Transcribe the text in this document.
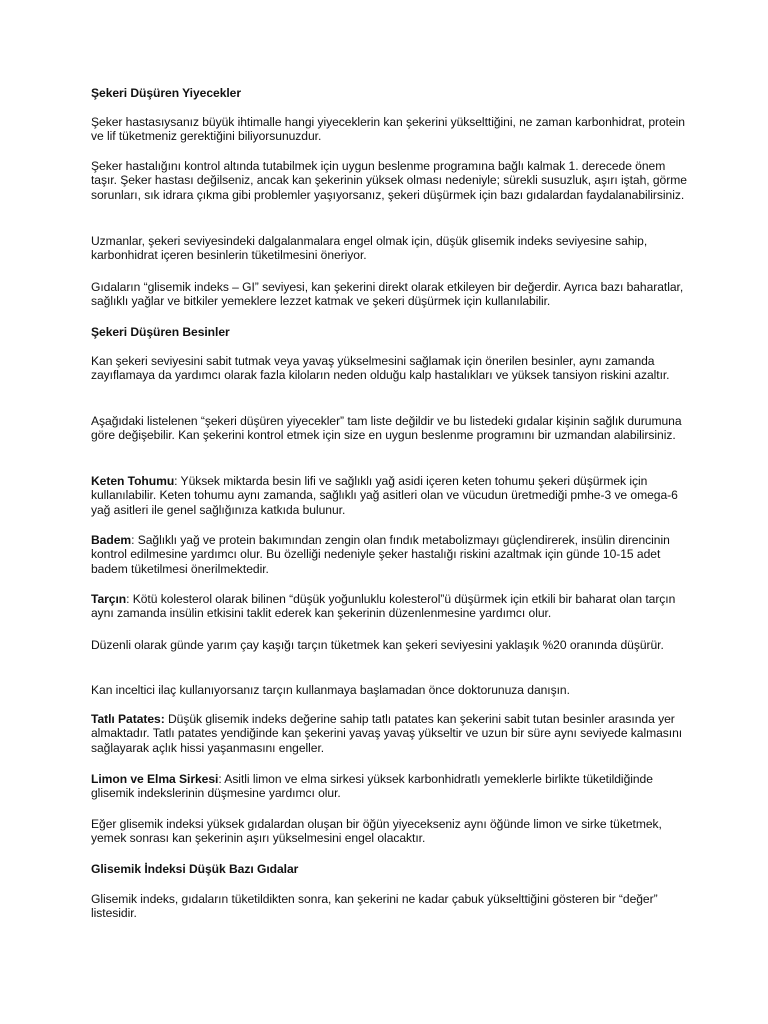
Şekeri Düşüren Yiyecekler
Şeker hastasıysanız büyük ihtimalle hangi yiyeceklerin kan şekerini yükselttiğini, ne zaman karbonhidrat, protein ve lif tüketmeniz gerektiğini biliyorsunuzdur.
Şeker hastalığını kontrol altında tutabilmek için uygun beslenme programına bağlı kalmak 1. derecede önem taşır. Şeker hastası değilseniz, ancak kan şekerinin yüksek olması nedeniyle; sürekli susuzluk, aşırı iştah, görme sorunları, sık idrara çıkma gibi problemler yaşıyorsanız, şekeri düşürmek için bazı gıdalardan faydalanabilirsiniz.
Uzmanlar, şekeri seviyesindeki dalgalanmalara engel olmak için, düşük glisemik indeks seviyesine sahip, karbonhidrat içeren besinlerin tüketilmesini öneriyor.
Gıdaların “glisemik indeks – GI” seviyesi, kan şekerini direkt olarak etkileyen bir değerdir. Ayrıca bazı baharatlar, sağlıklı yağlar ve bitkiler yemeklere lezzet katmak ve şekeri düşürmek için kullanılabilir.
Şekeri Düşüren Besinler
Kan şekeri seviyesini sabit tutmak veya yavaş yükselmesini sağlamak için önerilen besinler, aynı zamanda zayıflamaya da yardımcı olarak fazla kiloların neden olduğu kalp hastalıkları ve yüksek tansiyon riskini azaltır.
Aşağıdaki listelenen “şekeri düşüren yiyecekler” tam liste değildir ve bu listedeki gıdalar kişinin sağlık durumuna göre değişebilir. Kan şekerini kontrol etmek için size en uygun beslenme programını bir uzmandan alabilirsiniz.
Keten Tohumu: Yüksek miktarda besin lifi ve sağlıklı yağ asidi içeren keten tohumu şekeri düşürmek için kullanılabilir. Keten tohumu aynı zamanda, sağlıklı yağ asitleri olan ve vücudun üretmediği pmhe-3 ve omega-6 yağ asitleri ile genel sağlığınıza katkıda bulunur.
Badem: Sağlıklı yağ ve protein bakımından zengin olan fındık metabolizmayı güçlendirerek, insülin direncinin kontrol edilmesine yardımcı olur. Bu özelliği nedeniyle şeker hastalığı riskini azaltmak için günde 10-15 adet badem tüketilmesi önerilmektedir.
Tarçın: Kötü kolesterol olarak bilinen “düşük yoğunluklu kolesterol”ü düşürmek için etkili bir baharat olan tarçın aynı zamanda insülin etkisini taklit ederek kan şekerinin düzenlenmesine yardımcı olur.
Düzenli olarak günde yarım çay kaşığı tarçın tüketmek kan şekeri seviyesini yaklaşık %20 oranında düşürür.
Kan inceltici ilaç kullanıyorsanız tarçın kullanmaya başlamadan önce doktorunuza danışın.
Tatlı Patates: Düşük glisemik indeks değerine sahip tatlı patates kan şekerini sabit tutan besinler arasında yer almaktadır. Tatlı patates yendiğinde kan şekerini yavaş yavaş yükseltir ve uzun bir süre aynı seviyede kalmasını sağlayarak açlık hissi yaşanmasını engeller.
Limon ve Elma Sirkesi: Asitli limon ve elma sirkesi yüksek karbonhidratlı yemeklerle birlikte tüketildiğinde glisemik indekslerinin düşmesine yardımcı olur.
Eğer glisemik indeksi yüksek gıdalardan oluşan bir öğün yiyecekseniz aynı öğünde limon ve sirke tüketmek, yemek sonrası kan şekerinin aşırı yükselmesini engel olacaktır.
Glisemik İndeksi Düşük Bazı Gıdalar
Glisemik indeks, gıdaların tüketildikten sonra, kan şekerini ne kadar çabuk yükselttiğini gösteren bir “değer” listesidir.
